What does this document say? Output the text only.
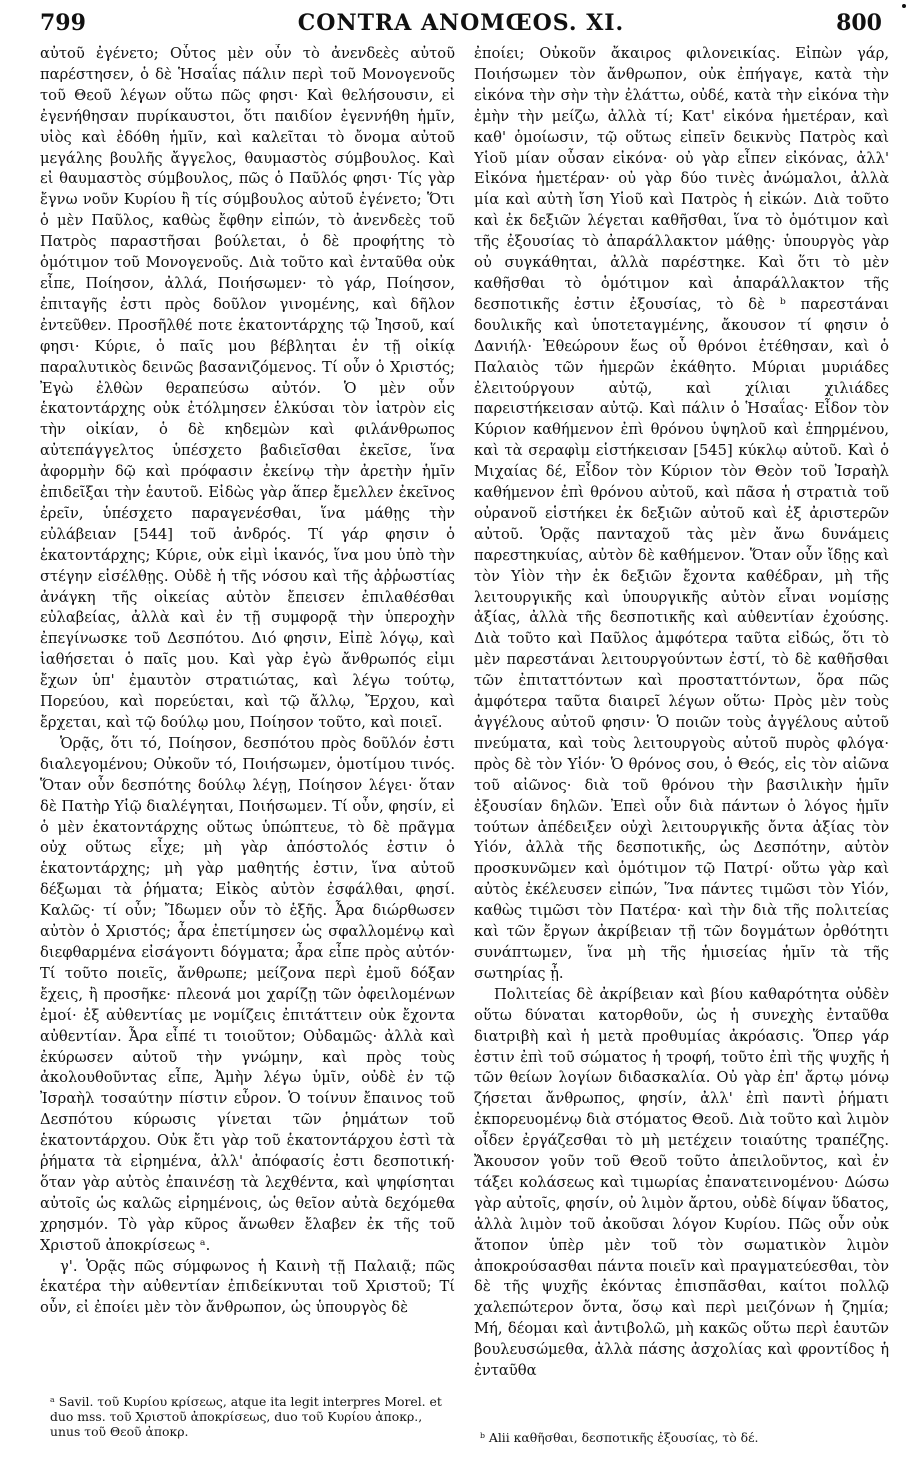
799	CONTRA ANOMŒOS. XI.	800

αὐτοῦ ἐγένετο; Οὗτος μὲν οὖν τὸ ἀνενδεὲς αὐτοῦ παρέστησεν, ὁ δὲ Ἡσαΐας πάλιν περὶ τοῦ Μονογενοῦς τοῦ Θεοῦ λέγων οὕτω πῶς φησι· Καὶ θελήσουσιν, εἰ ἐγενήθησαν πυρίκαυστοι, ὅτι παιδίον ἐγεννήθη ἡμῖν, υἱὸς καὶ ἐδόθη ἡμῖν, καὶ καλεῖται τὸ ὄνομα αὐτοῦ μεγάλης βουλῆς ἄγγελος, θαυμαστὸς σύμβουλος. Καὶ εἰ θαυμαστὸς σύμβουλος, πῶς ὁ Παῦλός φησι· Τίς γὰρ ἔγνω νοῦν Κυρίου ἢ τίς σύμβουλος αὐτοῦ ἐγένετο; Ὅτι ὁ μὲν Παῦλος, καθὼς ἔφθην εἰπών, τὸ ἀνενδεὲς τοῦ Πατρὸς παραστῆσαι βούλεται, ὁ δὲ προφήτης τὸ ὁμότιμον τοῦ Μονογενοῦς. Διὰ τοῦτο καὶ ἐνταῦθα οὐκ εἶπε, Ποίησον, ἀλλά, Ποιήσωμεν· τὸ γάρ, Ποίησον, ἐπιταγῆς ἐστι πρὸς δοῦλον γινομένης, καὶ δῆλον ἐντεῦθεν. Προσῆλθέ ποτε ἑκατοντάρχης τῷ Ἰησοῦ, καί φησι· Κύριε, ὁ παῖς μου βέβληται ἐν τῇ οἰκίᾳ παραλυτικὸς δεινῶς βασανιζόμενος. Τί οὖν ὁ Χριστός; Ἐγὼ ἐλθὼν θεραπεύσω αὐτόν. Ὁ μὲν οὖν ἑκατοντάρχης οὐκ ἐτόλμησεν ἑλκύσαι τὸν ἰατρὸν εἰς τὴν οἰκίαν, ὁ δὲ κηδεμὼν καὶ φιλάνθρωπος αὐτεπάγγελτος ὑπέσχετο βαδιεῖσθαι ἐκεῖσε, ἵνα ἀφορμὴν δῷ καὶ πρόφασιν ἐκείνῳ τὴν ἀρετὴν ἡμῖν ἐπιδεῖξαι τὴν ἑαυτοῦ. Εἰδὼς γὰρ ἅπερ ἔμελλεν ἐκεῖνος ἐρεῖν, ὑπέσχετο παραγενέσθαι, ἵνα μάθῃς τὴν εὐλάβειαν [544] τοῦ ἀνδρός. Τί γάρ φησιν ὁ ἑκατοντάρχης; Κύριε, οὐκ εἰμὶ ἱκανός, ἵνα μου ὑπὸ τὴν στέγην εἰσέλθῃς. Οὐδὲ ἡ τῆς νόσου καὶ τῆς ἀῤῥωστίας ἀνάγκη τῆς οἰκείας αὐτὸν ἔπεισεν ἐπιλαθέσθαι εὐλαβείας, ἀλλὰ καὶ ἐν τῇ συμφορᾷ τὴν ὑπεροχὴν ἐπεγίνωσκε τοῦ Δεσπότου. Διό φησιν, Εἰπὲ λόγῳ, καὶ ἰαθήσεται ὁ παῖς μου. Καὶ γὰρ ἐγὼ ἄνθρωπός εἰμι ἔχων ὑπ' ἐμαυτὸν στρατιώτας, καὶ λέγω τούτῳ, Πορεύου, καὶ πορεύεται, καὶ τῷ ἄλλῳ, Ἔρχου, καὶ ἔρχεται, καὶ τῷ δούλῳ μου, Ποίησον τοῦτο, καὶ ποιεῖ.

Ὁρᾷς, ὅτι τό, Ποίησον, δεσπότου πρὸς δοῦλόν ἐστι διαλεγομένου; Οὐκοῦν τό, Ποιήσωμεν, ὁμοτίμου τινός. Ὅταν οὖν δεσπότης δούλῳ λέγῃ, Ποίησον λέγει· ὅταν δὲ Πατὴρ Υἱῷ διαλέγηται, Ποιήσωμεν. Τί οὖν, φησίν, εἰ ὁ μὲν ἑκατοντάρχης οὕτως ὑπώπτευε, τὸ δὲ πρᾶγμα οὐχ οὕτως εἶχε; μὴ γὰρ ἀπόστολός ἐστιν ὁ ἑκατοντάρχης; μὴ γὰρ μαθητής ἐστιν, ἵνα αὐτοῦ δέξωμαι τὰ ῥήματα; Εἰκὸς αὐτὸν ἐσφάλθαι, φησί. Καλῶς· τί οὖν; Ἴδωμεν οὖν τὸ ἑξῆς. Ἆρα διώρθωσεν αὐτὸν ὁ Χριστός; ἆρα ἐπετίμησεν ὡς σφαλλομένῳ καὶ διεφθαρμένα εἰσάγοντι δόγματα; ἆρα εἶπε πρὸς αὐτόν· Τί τοῦτο ποιεῖς, ἄνθρωπε; μείζονα περὶ ἐμοῦ δόξαν ἔχεις, ἢ προσῆκε· πλεονά μοι χαρίζῃ τῶν ὀφειλομένων ἐμοί· ἐξ αὐθεντίας με νομίζεις ἐπιτάττειν οὐκ ἔχοντα αὐθεντίαν. Ἆρα εἶπέ τι τοιοῦτον; Οὐδαμῶς· ἀλλὰ καὶ ἐκύρωσεν αὐτοῦ τὴν γνώμην, καὶ πρὸς τοὺς ἀκολουθοῦντας εἶπε, Ἀμὴν λέγω ὑμῖν, οὐδὲ ἐν τῷ Ἰσραὴλ τοσαύτην πίστιν εὗρον. Ὁ τοίνυν ἔπαινος τοῦ Δεσπότου κύρωσις γίνεται τῶν ῥημάτων τοῦ ἑκατοντάρχου. Οὐκ ἔτι γὰρ τοῦ ἑκατοντάρχου ἐστὶ τὰ ῥήματα τὰ εἰρημένα, ἀλλ' ἀπόφασίς ἐστι δεσποτική· ὅταν γὰρ αὐτὸς ἐπαινέσῃ τὰ λεχθέντα, καὶ ψηφίσηται αὐτοῖς ὡς καλῶς εἰρημένοις, ὡς θεῖον αὐτὰ δεχόμεθα χρησμόν. Τὸ γὰρ κῦρος ἄνωθεν ἔλαβεν ἐκ τῆς τοῦ Χριστοῦ ἀποκρίσεως ᵃ.

γ'. Ὁρᾷς πῶς σύμφωνος ἡ Καινὴ τῇ Παλαιᾷ; πῶς ἑκατέρα τὴν αὐθεντίαν ἐπιδείκνυται τοῦ Χριστοῦ; Τί οὖν, εἰ ἐποίει μὲν τὸν ἄνθρωπον, ὡς ὑπουργὸς δὲ

ἐποίει; Οὐκοῦν ἄκαιρος φιλονεικίας. Εἰπὼν γάρ, Ποιήσωμεν τὸν ἄνθρωπον, οὐκ ἐπήγαγε, κατὰ τὴν εἰκόνα τὴν σὴν τὴν ἐλάττω, οὐδέ, κατὰ τὴν εἰκόνα τὴν ἐμὴν τὴν μείζω, ἀλλὰ τί; Κατ' εἰκόνα ἡμετέραν, καὶ καθ' ὁμοίωσιν, τῷ οὕτως εἰπεῖν δεικνὺς Πατρὸς καὶ Υἱοῦ μίαν οὖσαν εἰκόνα· οὐ γὰρ εἶπεν εἰκόνας, ἀλλ' Εἰκόνα ἡμετέραν· οὐ γὰρ δύο τινὲς ἀνώμαλοι, ἀλλὰ μία καὶ αὐτὴ ἴση Υἱοῦ καὶ Πατρὸς ἡ εἰκών. Διὰ τοῦτο καὶ ἐκ δεξιῶν λέγεται καθῆσθαι, ἵνα τὸ ὁμότιμον καὶ τῆς ἐξουσίας τὸ ἀπαράλλακτον μάθῃς· ὑπουργὸς γὰρ οὐ συγκάθηται, ἀλλὰ παρέστηκε. Καὶ ὅτι τὸ μὲν καθῆσθαι τὸ ὁμότιμον καὶ ἀπαράλλακτον τῆς δεσποτικῆς ἐστιν ἐξουσίας, τὸ δὲ ᵇ παρεστάναι δουλικῆς καὶ ὑποτεταγμένης, ἄκουσον τί φησιν ὁ Δανιήλ· Ἐθεώρουν ἕως οὗ θρόνοι ἐτέθησαν, καὶ ὁ Παλαιὸς τῶν ἡμερῶν ἐκάθητο. Μύριαι μυριάδες ἐλειτούργουν αὐτῷ, καὶ χίλιαι χιλιάδες παρειστήκεισαν αὐτῷ. Καὶ πάλιν ὁ Ἡσαΐας· Εἶδον τὸν Κύριον καθήμενον ἐπὶ θρόνου ὑψηλοῦ καὶ ἐπηρμένου, καὶ τὰ σεραφὶμ εἱστήκεισαν [545] κύκλῳ αὐτοῦ. Καὶ ὁ Μιχαίας δέ, Εἶδον τὸν Κύριον τὸν Θεὸν τοῦ Ἰσραὴλ καθήμενον ἐπὶ θρόνου αὐτοῦ, καὶ πᾶσα ἡ στρατιὰ τοῦ οὐρανοῦ εἱστήκει ἐκ δεξιῶν αὐτοῦ καὶ ἐξ ἀριστερῶν αὐτοῦ. Ὁρᾷς πανταχοῦ τὰς μὲν ἄνω δυνάμεις παρεστηκυίας, αὐτὸν δὲ καθήμενον. Ὅταν οὖν ἴδῃς καὶ τὸν Υἱὸν τὴν ἐκ δεξιῶν ἔχοντα καθέδραν, μὴ τῆς λειτουργικῆς καὶ ὑπουργικῆς αὐτὸν εἶναι νομίσῃς ἀξίας, ἀλλὰ τῆς δεσποτικῆς καὶ αὐθεντίαν ἐχούσης. Διὰ τοῦτο καὶ Παῦλος ἀμφότερα ταῦτα εἰδώς, ὅτι τὸ μὲν παρεστάναι λειτουργούντων ἐστί, τὸ δὲ καθῆσθαι τῶν ἐπιταττόντων καὶ προσταττόντων, ὅρα πῶς ἀμφότερα ταῦτα διαιρεῖ λέγων οὕτω· Πρὸς μὲν τοὺς ἀγγέλους αὐτοῦ φησιν· Ὁ ποιῶν τοὺς ἀγγέλους αὐτοῦ πνεύματα, καὶ τοὺς λειτουργοὺς αὐτοῦ πυρὸς φλόγα· πρὸς δὲ τὸν Υἱόν· Ὁ θρόνος σου, ὁ Θεός, εἰς τὸν αἰῶνα τοῦ αἰῶνος· διὰ τοῦ θρόνου τὴν βασιλικὴν ἡμῖν ἐξουσίαν δηλῶν. Ἐπεὶ οὖν διὰ πάντων ὁ λόγος ἡμῖν τούτων ἀπέδειξεν οὐχὶ λειτουργικῆς ὄντα ἀξίας τὸν Υἱόν, ἀλλὰ τῆς δεσποτικῆς, ὡς Δεσπότην, αὐτὸν προσκυνῶμεν καὶ ὁμότιμον τῷ Πατρί· οὕτω γὰρ καὶ αὐτὸς ἐκέλευσεν εἰπών, Ἵνα πάντες τιμῶσι τὸν Υἱόν, καθὼς τιμῶσι τὸν Πατέρα· καὶ τὴν διὰ τῆς πολιτείας καὶ τῶν ἔργων ἀκρίβειαν τῇ τῶν δογμάτων ὀρθότητι συνάπτωμεν, ἵνα μὴ τῆς ἡμισείας ἡμῖν τὰ τῆς σωτηρίας ᾖ.

Πολιτείας δὲ ἀκρίβειαν καὶ βίου καθαρότητα οὐδὲν οὕτω δύναται κατορθοῦν, ὡς ἡ συνεχὴς ἐνταῦθα διατριβὴ καὶ ἡ μετὰ προθυμίας ἀκρόασις. Ὅπερ γάρ ἐστιν ἐπὶ τοῦ σώματος ἡ τροφή, τοῦτο ἐπὶ τῆς ψυχῆς ἡ τῶν θείων λογίων διδασκαλία. Οὐ γὰρ ἐπ' ἄρτῳ μόνῳ ζήσεται ἄνθρωπος, φησίν, ἀλλ' ἐπὶ παντὶ ῥήματι ἐκπορευομένῳ διὰ στόματος Θεοῦ. Διὰ τοῦτο καὶ λιμὸν οἶδεν ἐργάζεσθαι τὸ μὴ μετέχειν τοιαύτης τραπέζης. Ἄκουσον γοῦν τοῦ Θεοῦ τοῦτο ἀπειλοῦντος, καὶ ἐν τάξει κολάσεως καὶ τιμωρίας ἐπανατεινομένου· Δώσω γὰρ αὐτοῖς, φησίν, οὐ λιμὸν ἄρτου, οὐδὲ δίψαν ὕδατος, ἀλλὰ λιμὸν τοῦ ἀκοῦσαι λόγον Κυρίου. Πῶς οὖν οὐκ ἄτοπον ὑπὲρ μὲν τοῦ τὸν σωματικὸν λιμὸν ἀποκρούσασθαι πάντα ποιεῖν καὶ πραγματεύεσθαι, τὸν δὲ τῆς ψυχῆς ἐκόντας ἐπισπᾶσθαι, καίτοι πολλῷ χαλεπώτερον ὄντα, ὅσῳ καὶ περὶ μειζόνων ἡ ζημία; Μή, δέομαι καὶ ἀντιβολῶ, μὴ κακῶς οὕτω περὶ ἑαυτῶν βουλευσώμεθα, ἀλλὰ πάσης ἀσχολίας καὶ φροντίδος ἡ ἐνταῦθα

ᵃ Savil. τοῦ Κυρίου κρίσεως, atque ita legit interpres Morel. et duo mss. τοῦ Χριστοῦ ἀποκρίσεως, duo τοῦ Κυρίου ἀποκρ., unus τοῦ Θεοῦ ἀποκρ.	ᵇ Alii καθῆσθαι, δεσποτικῆς ἐξουσίας, τὸ δέ.
